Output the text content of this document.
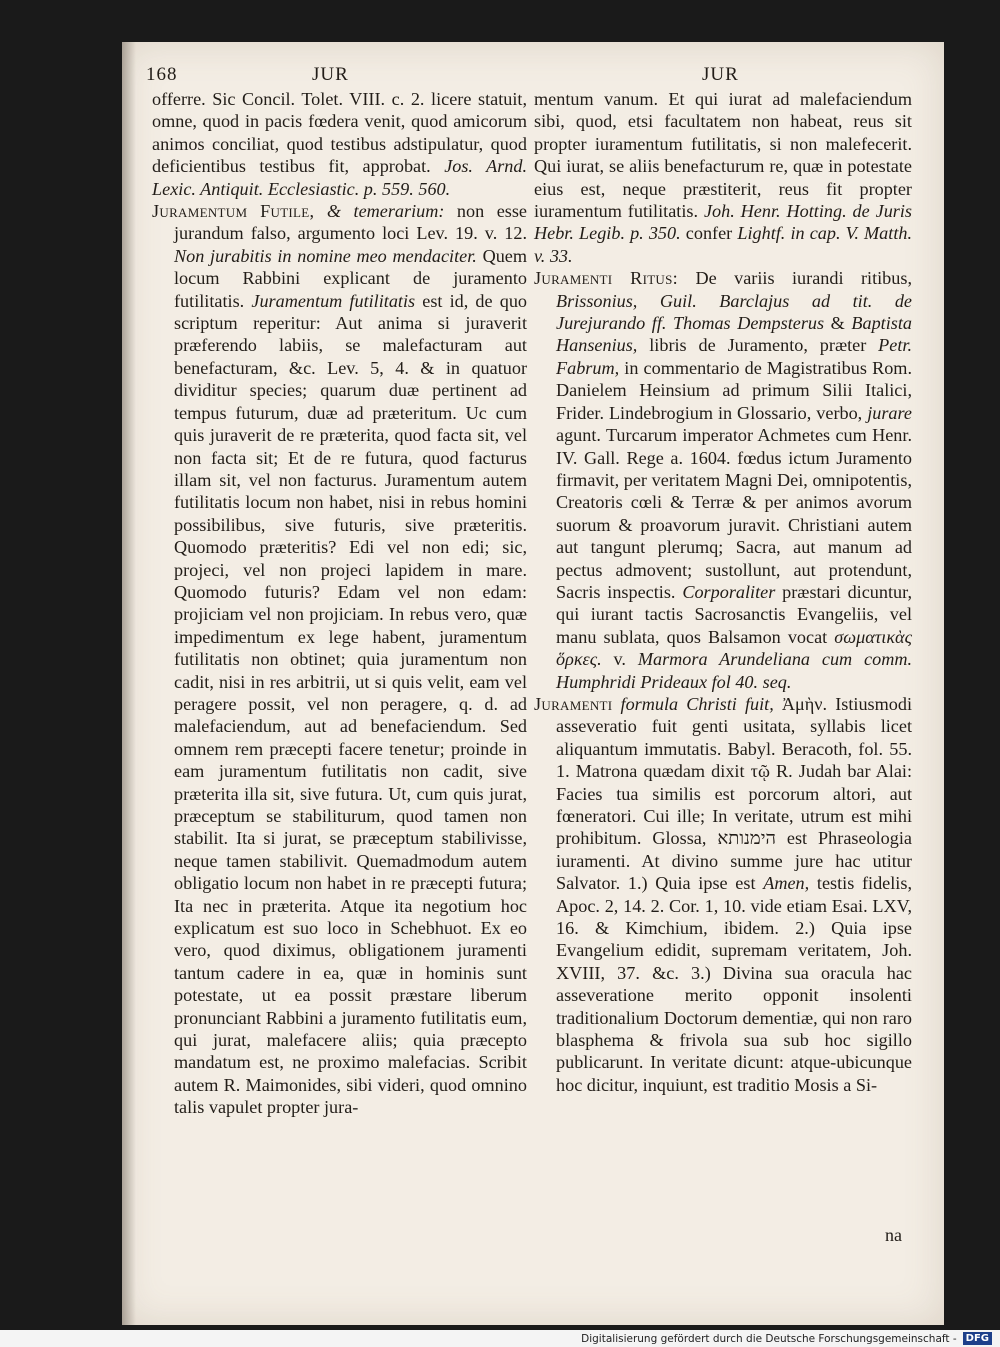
168	JUR	JUR

offerre. Sic Concil. Tolet. VIII. c. 2. licere statuit, omne, quod in pacis fœdera venit, quod amicorum animos conciliat, quod testibus adstipulatur, quod deficientibus testibus fit, approbat. Jos. Arnd. Lexic. Antiquit. Ecclesiastic. p. 559. 560.

Juramentum Futile, & temerarium: non esse jurandum falso, argumento loci Lev. 19. v. 12. Non jurabitis in nomine meo mendaciter. Quem locum Rabbini explicant de juramento futilitatis. Juramentum futilitatis est id, de quo scriptum reperitur: Aut anima si juraverit præferendo labiis, se malefacturam aut benefacturam, &c. Lev. 5, 4. & in quatuor dividitur species; quarum duæ pertinent ad tempus futurum, duæ ad præteritum. Uc cum quis juraverit de re præterita, quod facta sit, vel non facta sit; Et de re futura, quod facturus illam sit, vel non facturus. Juramentum autem futilitatis locum non habet, nisi in rebus homini possibilibus, sive futuris, sive præteritis. Quomodo præteritis? Edi vel non edi; sic, projeci, vel non projeci lapidem in mare. Quomodo futuris? Edam vel non edam: projiciam vel non projiciam. In rebus vero, quæ impedimentum ex lege habent, juramentum futilitatis non obtinet; quia juramentum non cadit, nisi in res arbitrii, ut si quis velit, eam vel peragere possit, vel non peragere, q. d. ad malefaciendum, aut ad benefaciendum. Sed omnem rem præcepti facere tenetur; proinde in eam juramentum futilitatis non cadit, sive præterita illa sit, sive futura. Ut, cum quis jurat, præceptum se stabiliturum, quod tamen non stabilit. Ita si jurat, se præceptum stabilivisse, neque tamen stabilivit. Quemadmodum autem obligatio locum non habet in re præcepti futura; Ita nec in præterita. Atque ita negotium hoc explicatum est suo loco in Schebhuot. Ex eo vero, quod diximus, obligationem juramenti tantum cadere in ea, quæ in hominis sunt potestate, ut ea possit præstare liberum pronunciant Rabbini a juramento futilitatis eum, qui jurat, malefacere aliis; quia præcepto mandatum est, ne proximo malefacias. Scribit autem R. Maimonides, sibi videri, quod omnino talis vapulet propter jura-

mentum vanum. Et qui iurat ad malefaciendum sibi, quod, etsi facultatem non habeat, reus sit propter iuramentum futilitatis, si non malefecerit. Qui iurat, se aliis benefacturum re, quæ in potestate eius est, neque præstiterit, reus fit propter iuramentum futilitatis. Joh. Henr. Hotting. de Juris Hebr. Legib. p. 350. confer Lightf. in cap. V. Matth. v. 33.

Juramenti Ritus: De variis iurandi ritibus, Brissonius, Guil. Barclajus ad tit. de Jurejurando ff. Thomas Dempsterus & Baptista Hansenius, libris de Juramento, præter Petr. Fabrum, in commentario de Magistratibus Rom. Danielem Heinsium ad primum Silii Italici, Frider. Lindebrogium in Glossario, verbo, jurare agunt. Turcarum imperator Achmetes cum Henr. IV. Gall. Rege a. 1604. fœdus ictum Juramento firmavit, per veritatem Magni Dei, omnipotentis, Creatoris cœli & Terræ & per animos avorum suorum & proavorum juravit. Christiani autem aut tangunt plerumq; Sacra, aut manum ad pectus admovent; sustollunt, aut protendunt, Sacris inspectis. Corporaliter præstari dicuntur, qui iurant tactis Sacrosanctis Evangeliis, vel manu sublata, quos Balsamon vocat σωματικὰς ὅρκες. v. Marmora Arundeliana cum comm. Humphridi Prideaux fol 40. seq.

Juramenti formula Christi fuit, Ἀμὴν. Istiusmodi asseveratio fuit genti usitata, syllabis licet aliquantum immutatis. Babyl. Beracoth, fol. 55. 1. Matrona quædam dixit τῷ R. Judah bar Alai: Facies tua similis est porcorum altori, aut fœneratori. Cui ille; In veritate, utrum est mihi prohibitum. Glossa, הימנותא est Phraseologia iuramenti. At divino summe jure hac utitur Salvator. 1.) Quia ipse est Amen, testis fidelis, Apoc. 2, 14. 2. Cor. 1, 10. vide etiam Esai. LXV, 16. & Kimchium, ibidem. 2.) Quia ipse Evangelium edidit, supremam veritatem, Joh. XVIII, 37. &c. 3.) Divina sua oracula hac asseveratione merito opponit insolenti traditionalium Doctorum dementiæ, qui non raro blasphema & frivola sua sub hoc sigillo publicarunt. In veritate dicunt: atque-ubicunque hoc dicitur, inquiunt, est traditio Mosis a Si-

na
Digitalisierung gefördert durch die Deutsche Forschungsgemeinschaft - DFG
